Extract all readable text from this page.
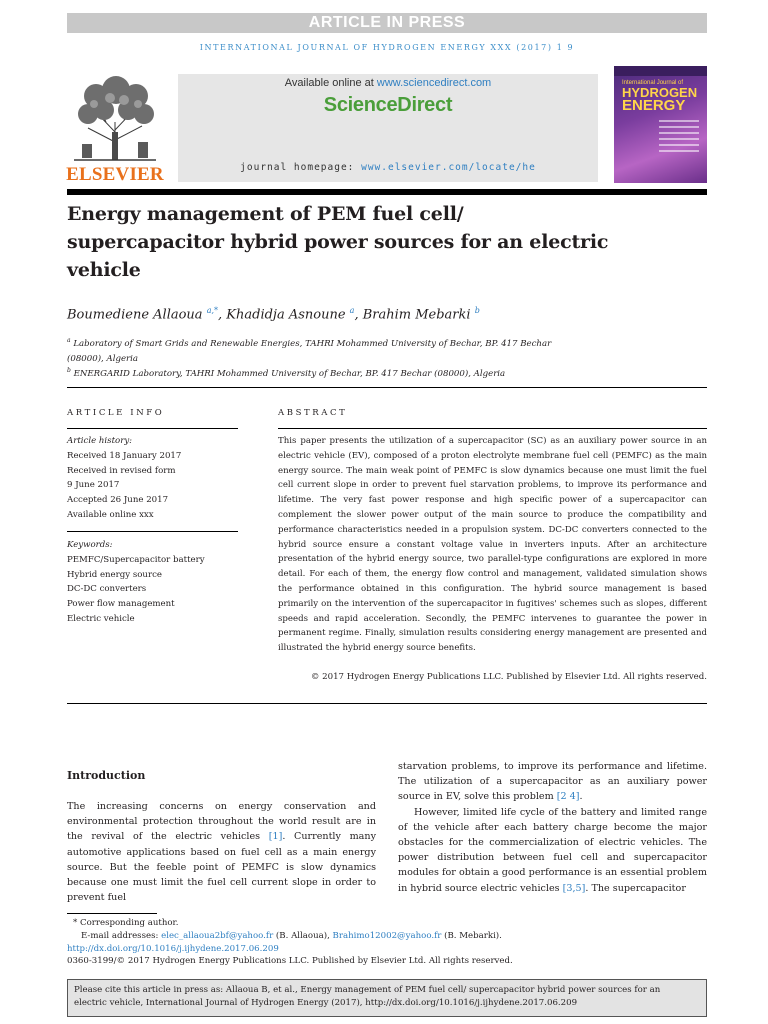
ARTICLE IN PRESS
INTERNATIONAL JOURNAL OF HYDROGEN ENERGY XXX (2017) 1 9
ELSEVIER
Available online at www.sciencedirect.com
ScienceDirect
journal homepage: www.elsevier.com/locate/he
International Journal of
HYDROGEN
ENERGY
Energy management of PEM fuel cell/
supercapacitor hybrid power sources for an electric
vehicle
Boumediene Allaoua $^{a,*}$, Khadidja Asnoune $^a$, Brahim Mebarki $^b$
$^a$ Laboratory of Smart Grids and Renewable Energies, TAHRI Mohammed University of Bechar, BP. 417 Bechar
(08000), Algeria
$^b$ ENERGARID Laboratory, TAHRI Mohammed University of Bechar, BP. 417 Bechar (08000), Algeria
ARTICLE INFO	ABSTRACT
Article history:
Received 18 January 2017
Received in revised form
9 June 2017
Accepted 26 June 2017
Available online xxx
Keywords:
PEMFC/Supercapacitor battery
Hybrid energy source
DC-DC converters
Power flow management
Electric vehicle
This paper presents the utilization of a supercapacitor (SC) as an auxiliary power source in an electric vehicle (EV), composed of a proton electrolyte membrane fuel cell (PEMFC) as the main energy source. The main weak point of PEMFC is slow dynamics because one must limit the fuel cell current slope in order to prevent fuel starvation problems, to improve its performance and lifetime. The very fast power response and high specific power of a supercapacitor can complement the slower power output of the main source to produce the compatibility and performance characteristics needed in a propulsion system. DC-DC converters connected to the hybrid source ensure a constant voltage value in inverters inputs. After an architecture presentation of the hybrid energy source, two parallel-type configurations are explored in more detail. For each of them, the energy flow control and management, validated simulation shows the performance obtained in this configuration. The hybrid source management is based primarily on the intervention of the supercapacitor in fugitives' schemes such as slopes, different speeds and rapid acceleration. Secondly, the PEMFC intervenes to guarantee the power in permanent regime. Finally, simulation results considering energy management are presented and illustrated the hybrid energy source benefits.
© 2017 Hydrogen Energy Publications LLC. Published by Elsevier Ltd. All rights reserved.
Introduction

The increasing concerns on energy conservation and environmental protection throughout the world result are in the revival of the electric vehicles [1]. Currently many automotive applications based on fuel cell as a main energy source. But the feeble point of PEMFC is slow dynamics because one must limit the fuel cell current slope in order to prevent fuel

starvation problems, to improve its performance and lifetime. The utilization of a supercapacitor as an auxiliary power source in EV, solve this problem [2 4].

However, limited life cycle of the battery and limited range of the vehicle after each battery charge become the major obstacles for the commercialization of electric vehicles. The power distribution between fuel cell and supercapacitor modules for obtain a good performance is an essential problem in hybrid source electric vehicles [3,5]. The supercapacitor

* Corresponding author.
E-mail addresses: elec_allaoua2bf@yahoo.fr (B. Allaoua), Brahimo12002@yahoo.fr (B. Mebarki).
http://dx.doi.org/10.1016/j.ijhydene.2017.06.209
0360-3199/© 2017 Hydrogen Energy Publications LLC. Published by Elsevier Ltd. All rights reserved.
Please cite this article in press as: Allaoua B, et al., Energy management of PEM fuel cell/ supercapacitor hybrid power sources for an
electric vehicle, International Journal of Hydrogen Energy (2017), http://dx.doi.org/10.1016/j.ijhydene.2017.06.209
